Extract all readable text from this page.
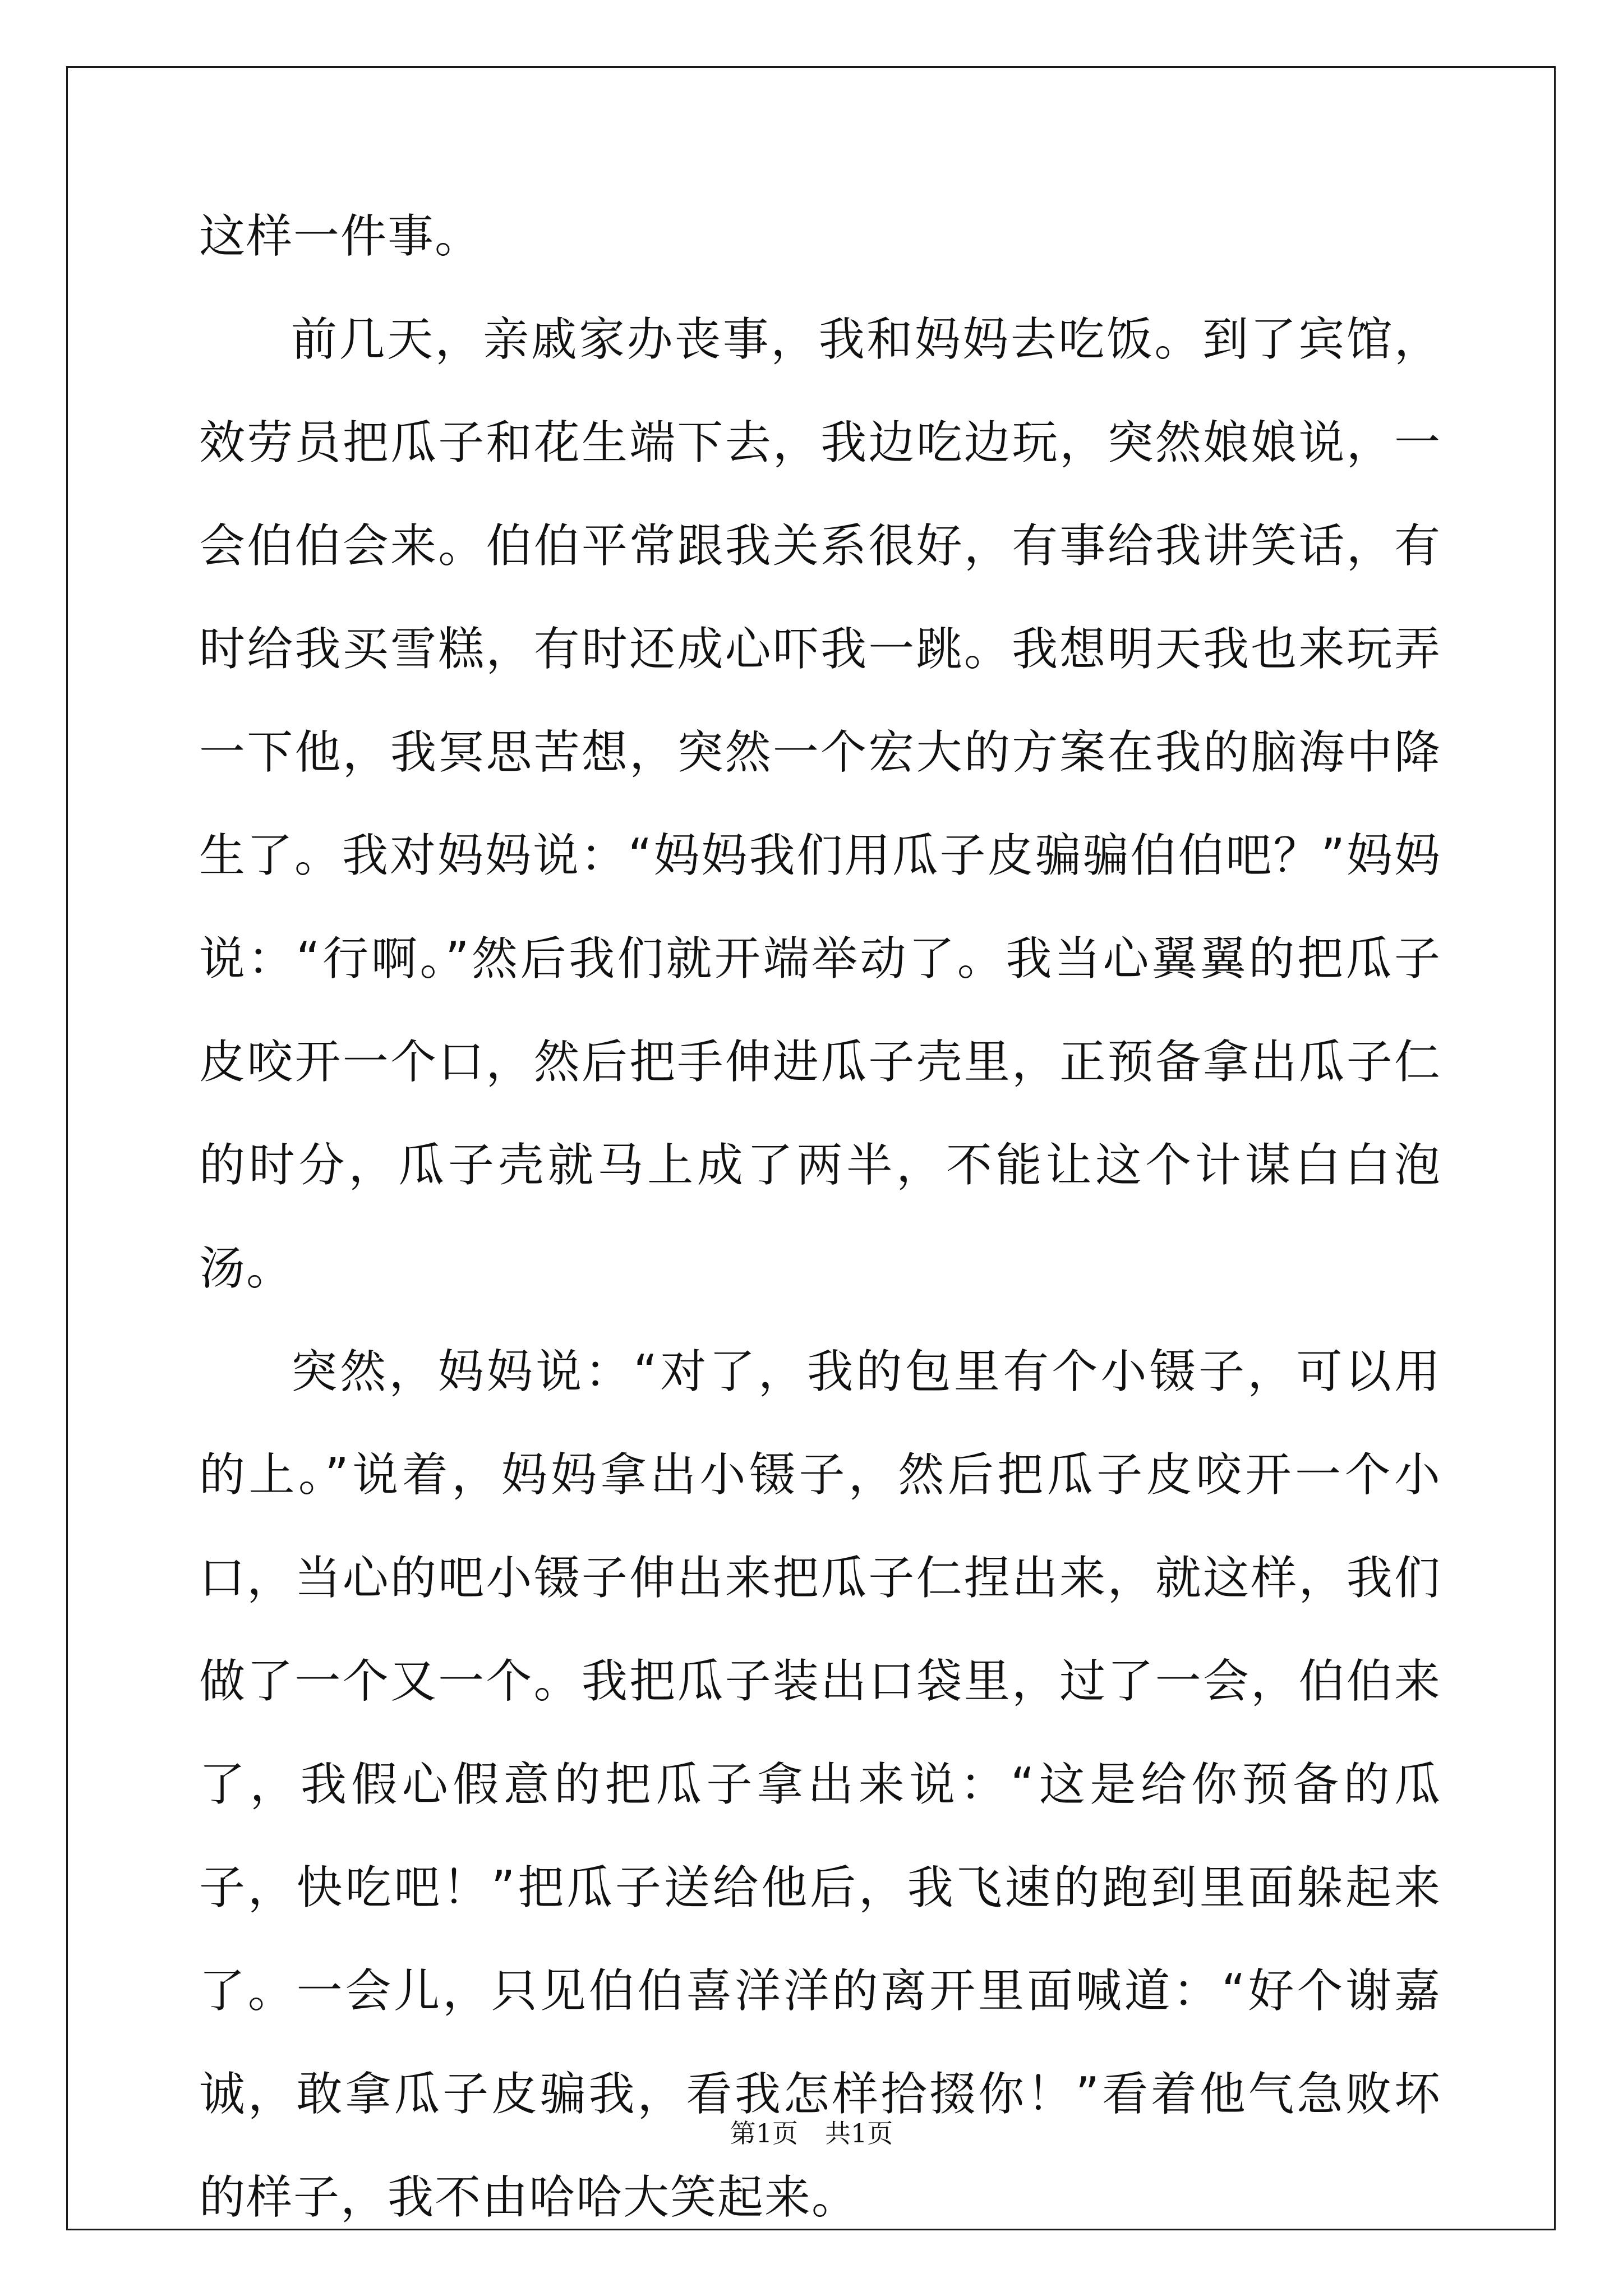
这样一件事。

前几天，亲戚家办丧事，我和妈妈去吃饭。到了宾馆，效劳员把瓜子和花生端下去，我边吃边玩，突然娘娘说，一会伯伯会来。伯伯平常跟我关系很好，有事给我讲笑话，有时给我买雪糕，有时还成心吓我一跳。我想明天我也来玩弄一下他，我冥思苦想，突然一个宏大的方案在我的脑海中降生了。我对妈妈说：“妈妈我们用瓜子皮骗骗伯伯吧？”妈妈说：“行啊。”然后我们就开端举动了。我当心翼翼的把瓜子皮咬开一个口，然后把手伸进瓜子壳里，正预备拿出瓜子仁的时分，瓜子壳就马上成了两半，不能让这个计谋白白泡汤。

突然，妈妈说：“对了，我的包里有个小镊子，可以用的上。”说着，妈妈拿出小镊子，然后把瓜子皮咬开一个小口，当心的吧小镊子伸出来把瓜子仁捏出来，就这样，我们做了一个又一个。我把瓜子装出口袋里，过了一会，伯伯来了，我假心假意的把瓜子拿出来说：“这是给你预备的瓜子，快吃吧！”把瓜子送给他后，我飞速的跑到里面躲起来了。一会儿，只见伯伯喜洋洋的离开里面喊道：“好个谢嘉诚，敢拿瓜子皮骗我，看我怎样拾掇你！”看着他气急败坏的样子，我不由哈哈大笑起来。

第1页 共1页
